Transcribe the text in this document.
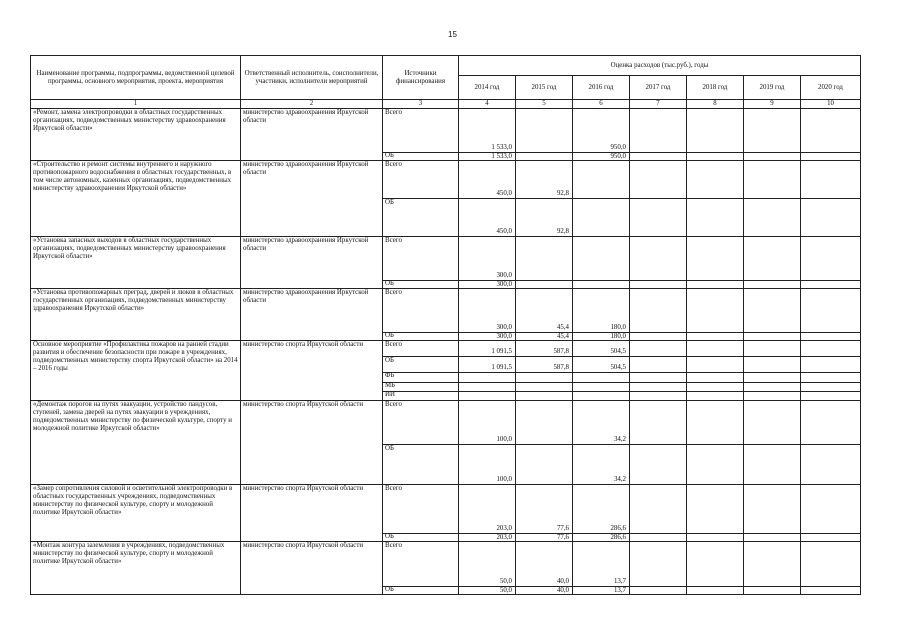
15
Наименование программы, подпрограммы, ведомственной целевой программы, основного мероприятия, проекта, мероприятия	Ответственный исполнитель, соисполнители, участники, исполнители мероприятий	Источники финансирования	Оценка расходов (тыс.руб.), годы						
			2014 год	2015 год	2016 год	2017 год	2018 год	2019 год	2020 год
1	2	3	4	5	6	7	8	9	10
«Ремонт, замена электропроводки в областных государственных организациях, подведомственных министерству здравоохранения Иркутской области»	министерство здравоохранения Иркутской области	Всего	1 533,0		950,0				
		ОБ	1 533,0		950,0				
«Строительство и ремонт системы внутреннего и наружного противопожарного водоснабжения в областных государственных, в том числе автономных, казенных организациях, подведомственных министерству здравоохранения Иркутской области»	министерство здравоохранения Иркутской области	Всего	450,0	92,8					
		ОБ	450,0	92,8					
«Установка запасных выходов в областных государственных организациях, подведомственных министерству здравоохранения Иркутской области»	министерство здравоохранения Иркутской области	Всего	300,0						
		ОБ	300,0						
«Установка противопожарных преград, дверей и люков в областных государственных организациях, подведомственных министерству здравоохранения Иркутской области»	министерство здравоохранения Иркутской области	Всего	300,0	45,4	180,0				
		ОБ	300,0	45,4	180,0				
Основное мероприятие «Профилактика пожаров на ранней стадии развития и обеспечение безопасности при пожаре в учреждениях, подведомственных министерству спорта Иркутской области» на 2014 – 2016 годы	министерство спорта Иркутской области	Всего	1 091,5	587,8	504,5				
		ОБ	1 091,5	587,8	504,5				
		ФБ							
		МБ							
		ИИ							
«Демонтаж порогов на путях эвакуации, устройство пандусов, ступеней, замена дверей на путях эвакуации в учреждениях, подведомственных министерству по физической культуре, спорту и молодежной политике Иркутской области»	министерство спорта Иркутской области	Всего	100,0		34,2				
		ОБ	100,0		34,2				
«Замер сопротивления силовой и осветительной электропроводки в областных государственных учреждениях, подведомственных министерству по физической культуре, спорту и молодежной политике Иркутской области»	министерство спорта Иркутской области	Всего	203,0	77,6	286,6				
		ОБ	203,0	77,6	286,6				
«Монтаж контура заземления в учреждениях, подведомственных министерству по физической культуре, спорту и молодежной политике Иркутской области»	министерство спорта Иркутской области	Всего	50,0	40,0	13,7				
		ОБ	50,0	40,0	13,7				
